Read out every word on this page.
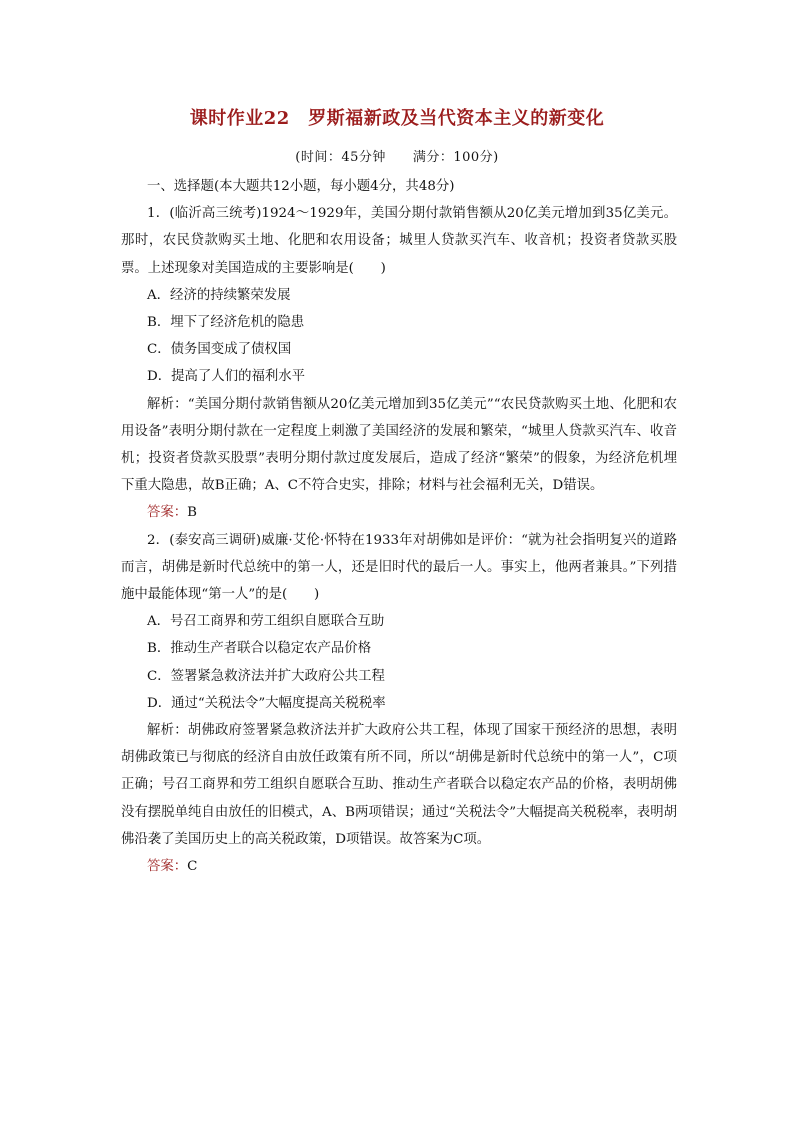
课时作业22　罗斯福新政及当代资本主义的新变化
(时间：45分钟　　满分：100分)

一、选择题(本大题共12小题，每小题4分，共48分)

1．(临沂高三统考)1924～1929年，美国分期付款销售额从20亿美元增加到35亿美元。那时，农民贷款购买土地、化肥和农用设备；城里人贷款买汽车、收音机；投资者贷款买股票。上述现象对美国造成的主要影响是(　　)

A．经济的持续繁荣发展

B．埋下了经济危机的隐患

C．债务国变成了债权国

D．提高了人们的福利水平

解析：“美国分期付款销售额从20亿美元增加到35亿美元”“农民贷款购买土地、化肥和农用设备”表明分期付款在一定程度上刺激了美国经济的发展和繁荣，“城里人贷款买汽车、收音机；投资者贷款买股票”表明分期付款过度发展后，造成了经济“繁荣”的假象，为经济危机埋下重大隐患，故B正确；A、C不符合史实，排除；材料与社会福利无关，D错误。

答案：B

2．(泰安高三调研)威廉·艾伦·怀特在1933年对胡佛如是评价：“就为社会指明复兴的道路而言，胡佛是新时代总统中的第一人，还是旧时代的最后一人。事实上，他两者兼具。”下列措施中最能体现“第一人”的是(　　)

A．号召工商界和劳工组织自愿联合互助

B．推动生产者联合以稳定农产品价格

C．签署紧急救济法并扩大政府公共工程

D．通过“关税法令”大幅度提高关税税率

解析：胡佛政府签署紧急救济法并扩大政府公共工程，体现了国家干预经济的思想，表明胡佛政策已与彻底的经济自由放任政策有所不同，所以“胡佛是新时代总统中的第一人”，C项正确；号召工商界和劳工组织自愿联合互助、推动生产者联合以稳定农产品的价格，表明胡佛没有摆脱单纯自由放任的旧模式，A、B两项错误；通过“关税法令”大幅提高关税税率，表明胡佛沿袭了美国历史上的高关税政策，D项错误。故答案为C项。

答案：C
